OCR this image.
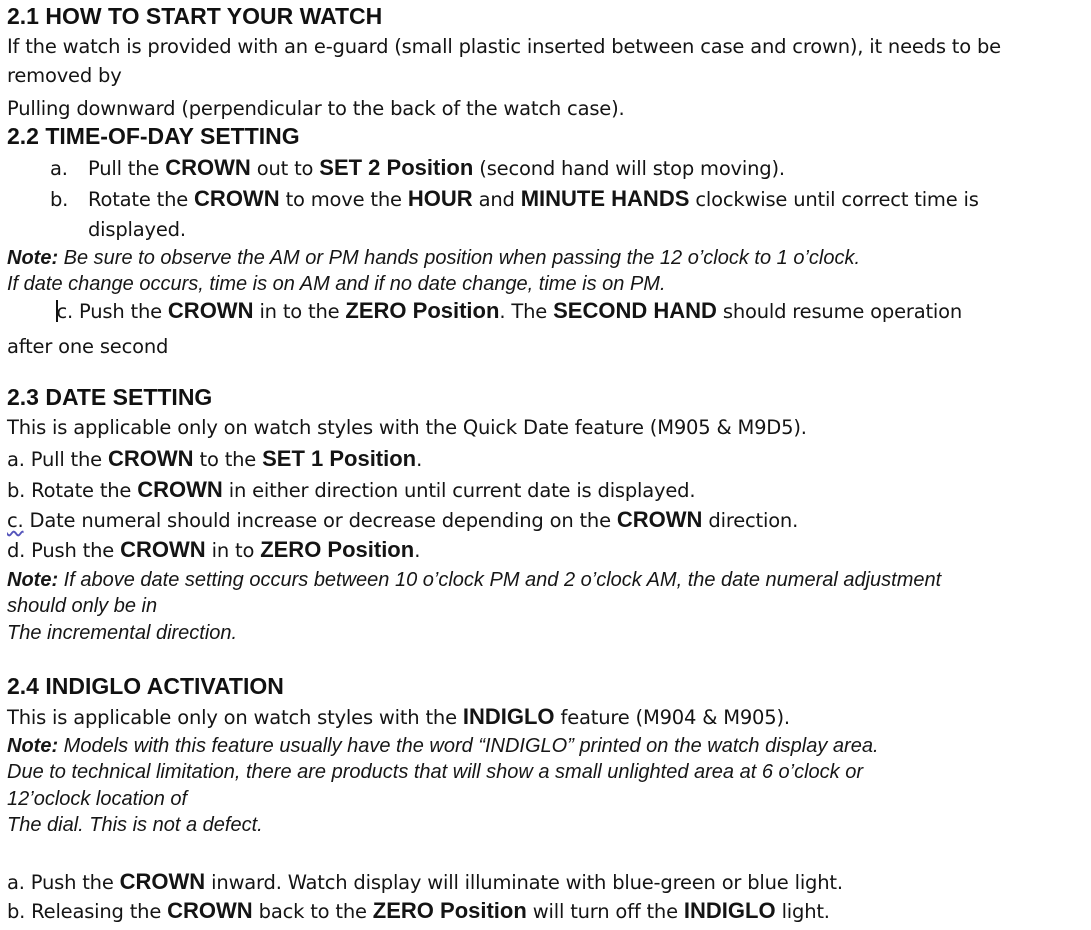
2.1 HOW TO START YOUR WATCH
If the watch is provided with an e-guard (small plastic inserted between case and crown), it needs to be
removed by
Pulling downward (perpendicular to the back of the watch case).
2.2 TIME-OF-DAY SETTING
a. Pull the CROWN out to SET 2 Position (second hand will stop moving).
b. Rotate the CROWN to move the HOUR and MINUTE HANDS clockwise until correct time is
displayed.
Note: Be sure to observe the AM or PM hands position when passing the 12 o’clock to 1 o’clock.
If date change occurs, time is on AM and if no date change, time is on PM.
c. Push the CROWN in to the ZERO Position. The SECOND HAND should resume operation
after one second
2.3 DATE SETTING
This is applicable only on watch styles with the Quick Date feature (M905 & M9D5).
a. Pull the CROWN to the SET 1 Position.
b. Rotate the CROWN in either direction until current date is displayed.
c. Date numeral should increase or decrease depending on the CROWN direction.
d. Push the CROWN in to ZERO Position.
Note: If above date setting occurs between 10 o’clock PM and 2 o’clock AM, the date numeral adjustment
should only be in
The incremental direction.
2.4 INDIGLO ACTIVATION
This is applicable only on watch styles with the INDIGLO feature (M904 & M905).
Note: Models with this feature usually have the word “INDIGLO” printed on the watch display area.
Due to technical limitation, there are products that will show a small unlighted area at 6 o’clock or
12’oclock location of
The dial. This is not a defect.
a. Push the CROWN inward. Watch display will illuminate with blue-green or blue light.
b. Releasing the CROWN back to the ZERO Position will turn off the INDIGLO light.
